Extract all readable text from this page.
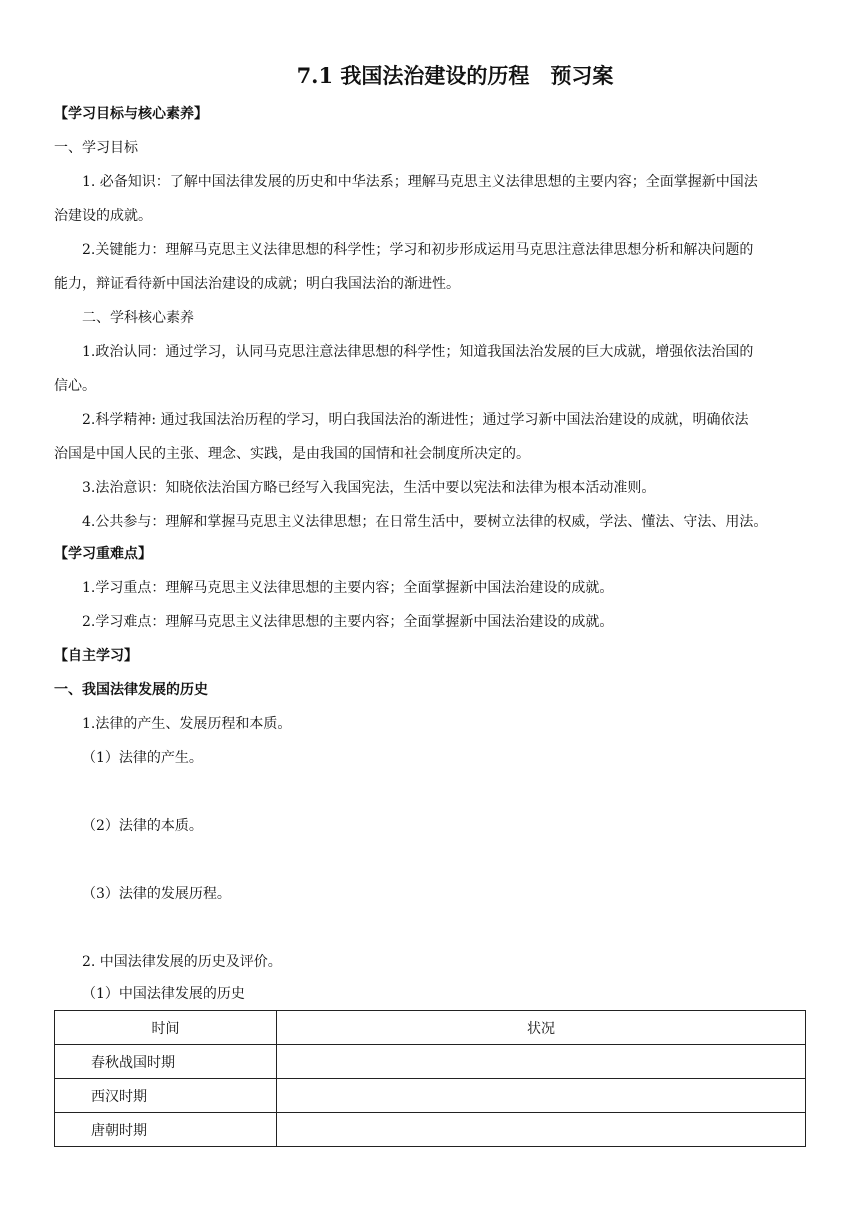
7.1 我国法治建设的历程　预习案
【学习目标与核心素养】
一、学习目标
1. 必备知识：了解中国法律发展的历史和中华法系；理解马克思主义法律思想的主要内容；全面掌握新中国法
治建设的成就。
2.关键能力：理解马克思主义法律思想的科学性；学习和初步形成运用马克思注意法律思想分析和解决问题的
能力，辩证看待新中国法治建设的成就；明白我国法治的渐进性。
二、学科核心素养
1.政治认同：通过学习，认同马克思注意法律思想的科学性；知道我国法治发展的巨大成就，增强依法治国的
信心。
2.科学精神: 通过我国法治历程的学习，明白我国法治的渐进性；通过学习新中国法治建设的成就，明确依法
治国是中国人民的主张、理念、实践，是由我国的国情和社会制度所决定的。
3.法治意识：知晓依法治国方略已经写入我国宪法，生活中要以宪法和法律为根本活动准则。
4.公共参与：理解和掌握马克思主义法律思想；在日常生活中，要树立法律的权威，学法、懂法、守法、用法。
【学习重难点】
1.学习重点：理解马克思主义法律思想的主要内容；全面掌握新中国法治建设的成就。
2.学习难点：理解马克思主义法律思想的主要内容；全面掌握新中国法治建设的成就。
【自主学习】
一、我国法律发展的历史
1.法律的产生、发展历程和本质。
（1）法律的产生。
（2）法律的本质。
（3）法律的发展历程。
2. 中国法律发展的历史及评价。
（1）中国法律发展的历史
时间	状况
春秋战国时期	
西汉时期	
唐朝时期	
